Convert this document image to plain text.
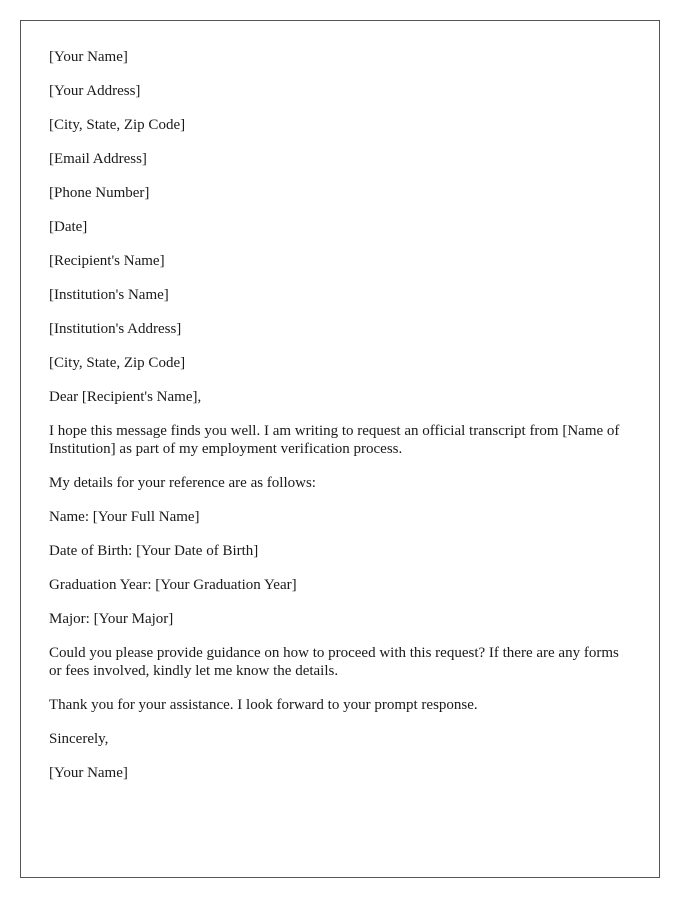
[Your Name]

[Your Address]

[City, State, Zip Code]

[Email Address]

[Phone Number]

[Date]

[Recipient's Name]

[Institution's Name]

[Institution's Address]

[City, State, Zip Code]

Dear [Recipient's Name],

I hope this message finds you well. I am writing to request an official transcript from [Name of Institution] as part of my employment verification process.

My details for your reference are as follows:

Name: [Your Full Name]

Date of Birth: [Your Date of Birth]

Graduation Year: [Your Graduation Year]

Major: [Your Major]

Could you please provide guidance on how to proceed with this request? If there are any forms or fees involved, kindly let me know the details.

Thank you for your assistance. I look forward to your prompt response.

Sincerely,

[Your Name]
